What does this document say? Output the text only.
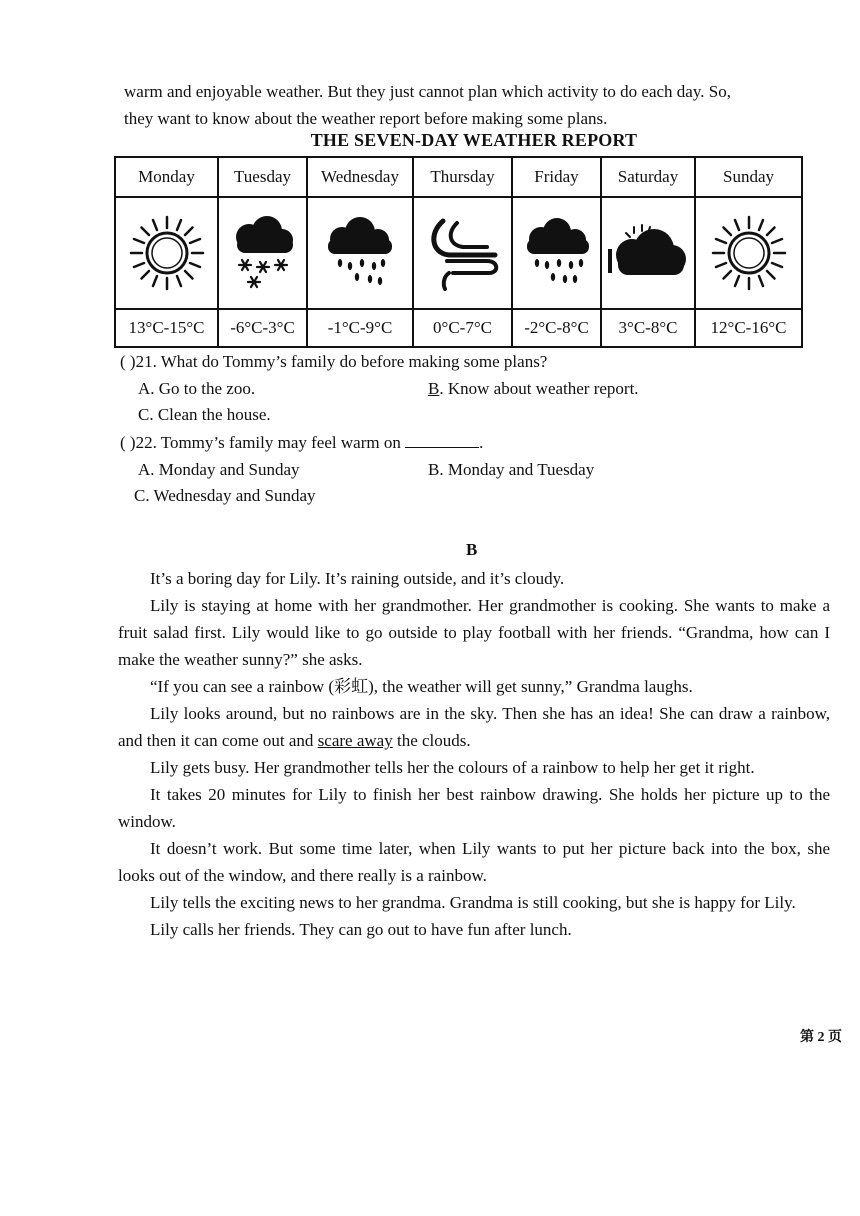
warm and enjoyable weather. But they just cannot plan which activity to do each day. So,

they want to know about the weather report before making some plans.

THE SEVEN-DAY WEATHER REPORT
Monday	Tuesday	Wednesday	Thursday	Friday	Saturday	Sunday

13°C-15°C	-6°C-3°C	-1°C-9°C	0°C-7°C	-2°C-8°C	3°C-8°C	12°C-16°C
( )21. What do Tommy’s family do before making some plans?
A. Go to the zoo.	B. Know about weather report.
C. Clean the house.
( )22. Tommy’s family may feel warm on	.
A. Monday and Sunday	B. Monday and Tuesday
C. Wednesday and Sunday
B

It’s a boring day for Lily. It’s raining outside, and it’s cloudy.

Lily is staying at home with her grandmother. Her grandmother is cooking. She wants to make a fruit salad first. Lily would like to go outside to play football with her friends. “Grandma, how can I make the weather sunny?” she asks.

“If you can see a rainbow (彩虹), the weather will get sunny,” Grandma laughs.

Lily looks around, but no rainbows are in the sky. Then she has an idea! She can draw a rainbow, and then it can come out and scare away the clouds.

Lily gets busy. Her grandmother tells her the colours of a rainbow to help her get it right.

It takes 20 minutes for Lily to finish her best rainbow drawing. She holds her picture up to the window.

It doesn’t work. But some time later, when Lily wants to put her picture back into the box, she looks out of the window, and there really is a rainbow.

Lily tells the exciting news to her grandma. Grandma is still cooking, but she is happy for Lily.

Lily calls her friends. They can go out to have fun after lunch.

第 2 页
